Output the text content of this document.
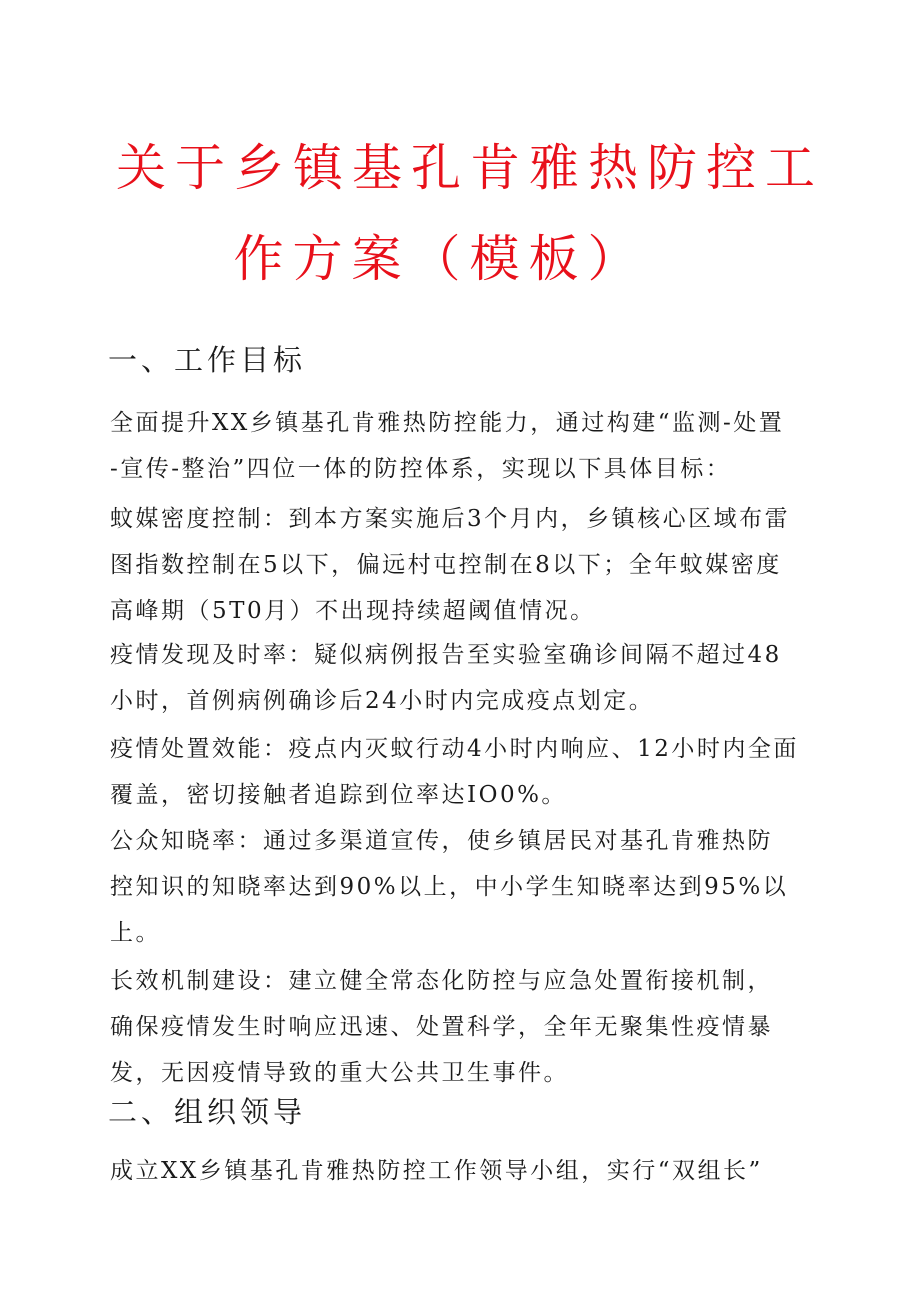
关于乡镇基孔肯雅热防控工
作方案（模板）
一、工作目标

全面提升XX乡镇基孔肯雅热防控能力，通过构建“监测-处置
-宣传-整治”四位一体的防控体系，实现以下具体目标：

蚊媒密度控制：到本方案实施后3个月内，乡镇核心区域布雷
图指数控制在5以下，偏远村屯控制在8以下；全年蚊媒密度
高峰期（5T0月）不出现持续超阈值情况。

疫情发现及时率：疑似病例报告至实验室确诊间隔不超过48
小时，首例病例确诊后24小时内完成疫点划定。

疫情处置效能：疫点内灭蚊行动4小时内响应、12小时内全面
覆盖，密切接触者追踪到位率达IO0%。

公众知晓率：通过多渠道宣传，使乡镇居民对基孔肯雅热防
控知识的知晓率达到90%以上，中小学生知晓率达到95%以
上。

长效机制建设：建立健全常态化防控与应急处置衔接机制，
确保疫情发生时响应迅速、处置科学，全年无聚集性疫情暴
发，无因疫情导致的重大公共卫生事件。

二、组织领导

成立XX乡镇基孔肯雅热防控工作领导小组，实行“双组长”
